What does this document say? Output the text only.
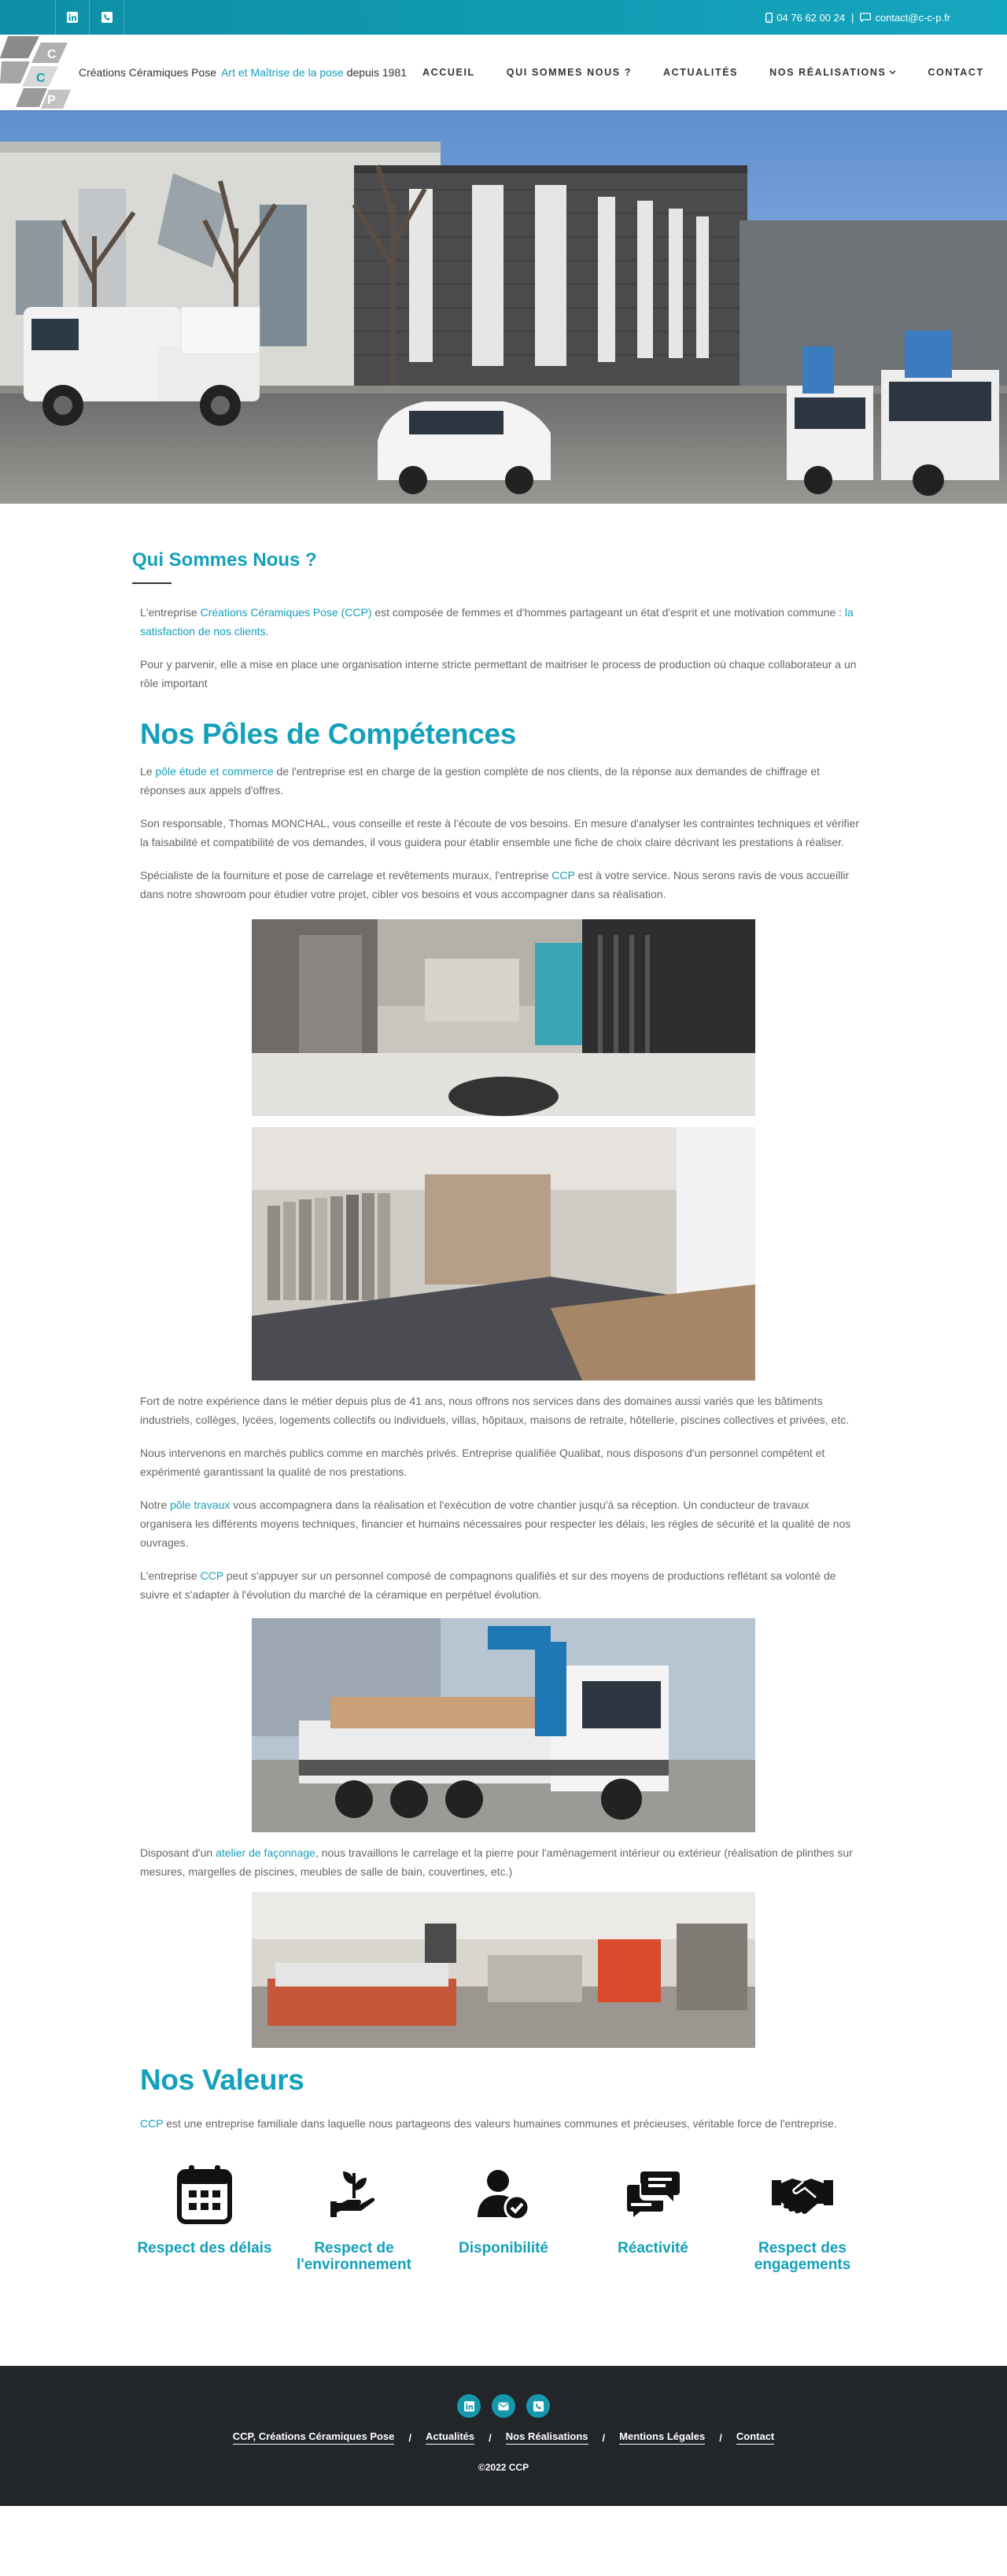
04 76 62 00 24 | contact@c-c-p.fr
C
C
P
Créations Céramiques Pose Art et Maîtrise de la pose depuis 1981	ACCUEIL	QUI SOMMES NOUS ?	ACTUALITÉS	NOS RÉALISATIONS	CONTACT
Qui Sommes Nous ?

L'entreprise Créations Céramiques Pose (CCP) est composée de femmes et d'hommes partageant un état d'esprit et une motivation commune : la satisfaction de nos clients.

Pour y parvenir, elle a mise en place une organisation interne stricte permettant de maitriser le process de production où chaque collaborateur a un rôle important

Nos Pôles de Compétences

Le pôle étude et commerce de l'entreprise est en charge de la gestion complète de nos clients, de la réponse aux demandes de chiffrage et réponses aux appels d'offres.

Son responsable, Thomas MONCHAL, vous conseille et reste à l'écoute de vos besoins. En mesure d'analyser les contraintes techniques et vérifier la faisabilité et compatibilité de vos demandes, il vous guidera pour établir ensemble une fiche de choix claire décrivant les prestations à réaliser.

Spécialiste de la fourniture et pose de carrelage et revêtements muraux, l'entreprise CCP est à votre service. Nous serons ravis de vous accueillir dans notre showroom pour étudier votre projet, cibler vos besoins et vous accompagner dans sa réalisation.

Fort de notre expérience dans le métier depuis plus de 41 ans, nous offrons nos services dans des domaines aussi variés que les bâtiments industriels, collèges, lycées, logements collectifs ou individuels, villas, hôpitaux, maisons de retraite, hôtellerie, piscines collectives et privées, etc.

Nous intervenons en marchés publics comme en marchés privés. Entreprise qualifiée Qualibat, nous disposons d'un personnel compétent et expérimenté garantissant la qualité de nos prestations.

Notre pôle travaux vous accompagnera dans la réalisation et l'exécution de votre chantier jusqu'à sa réception. Un conducteur de travaux organisera les différents moyens techniques, financier et humains nécessaires pour respecter les délais, les règles de sécurité et la qualité de nos ouvrages.

L'entreprise CCP peut s'appuyer sur un personnel composé de compagnons qualifiés et sur des moyens de productions reflétant sa volonté de suivre et s'adapter à l'évolution du marché de la céramique en perpétuel évolution.

Disposant d'un atelier de façonnage, nous travaillons le carrelage et la pierre pour l'aménagement intérieur ou extérieur (réalisation de plinthes sur mesures, margelles de piscines, meubles de salle de bain, couvertines, etc.)

Nos Valeurs

CCP est une entreprise familiale dans laquelle nous partageons des valeurs humaines communes et précieuses, véritable force de l'entreprise.

Respect des délais	Respect de l'environnement
Disponibilité	Réactivité	Respect des engagements
CCP, Créations Céramiques Pose / Actualités / Nos Réalisations / Mentions Légales / Contact
©2022 CCP
